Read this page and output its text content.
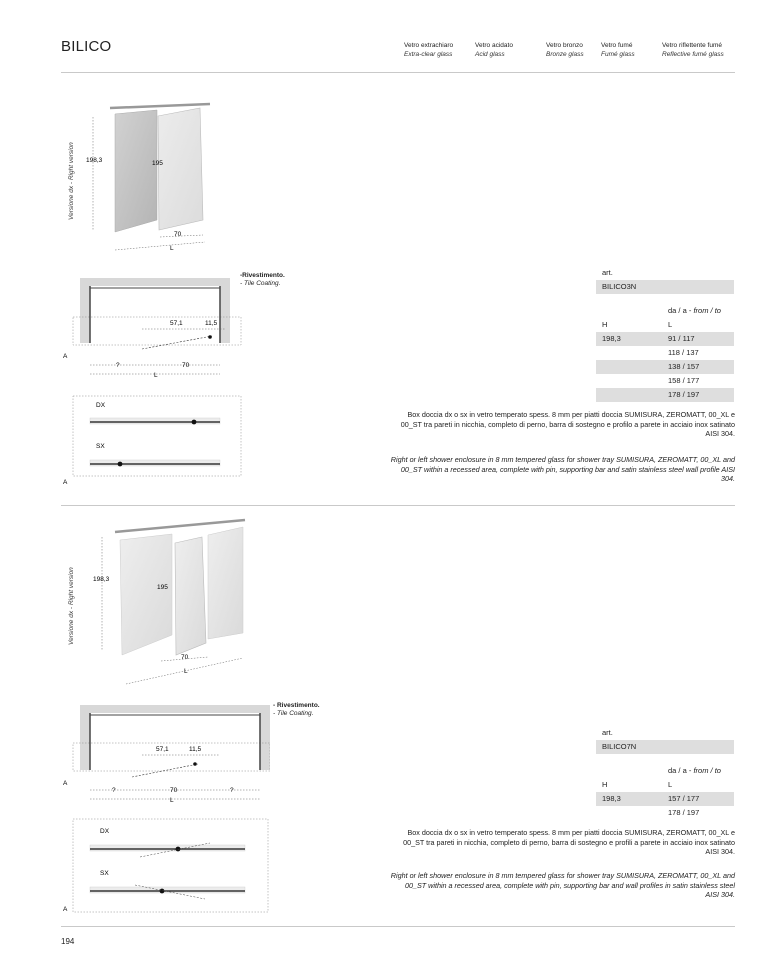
BILICO	Vetro extrachiaro
Extra-clear glass
Vetro acidato
Acid glass
Vetro bronzo
Bronze glass
Vetro fumé
Fumé glass
Vetro riflettente fumé
Reflective fumé glass
Versione dx - Right version 198,3	195
70
L
57,1	11,5
A
?	70
L
DX
SX
A
-Rivestimento.
- Tile Coating.
art.
BILICO3N
da / a - from / to
H	L
198,3	91 / 117
118 / 137
138 / 157
158 / 177
178 / 197
Box doccia dx o sx in vetro temperato spess. 8 mm per piatti doccia SUMISURA, ZEROMATT, 00_XL e 00_ST tra pareti in nicchia, completo di perno, barra di sostegno e profilo a parete in acciaio inox satinato AISI 304.
Right or left shower enclosure in 8 mm tempered glass for shower tray SUMISURA, ZEROMATT, 00_XL and 00_ST within a recessed area, complete with pin, supporting bar and satin stainless steel wall profile AISI 304.
Versione dx - Right version	198,3
195
70
L
57,1	11,5
A
?	70	?
L
DX
SX
A
- Rivestimento.
- Tile Coating.
art.
BILICO7N
da / a - from / to
H	L
198,3	157 / 177
178 / 197
Box doccia dx o sx in vetro temperato spess. 8 mm per piatti doccia SUMISURA, ZEROMATT, 00_XL e 00_ST tra pareti in nicchia, completo di perno, barra di sostegno e profili a parete in acciaio inox satinato AISI 304.
Right or left shower enclosure in 8 mm tempered glass for shower tray SUMISURA, ZEROMATT, 00_XL and 00_ST within a recessed area, complete with pin, supporting bar and wall profiles in satin stainless steel AISI 304.
194
